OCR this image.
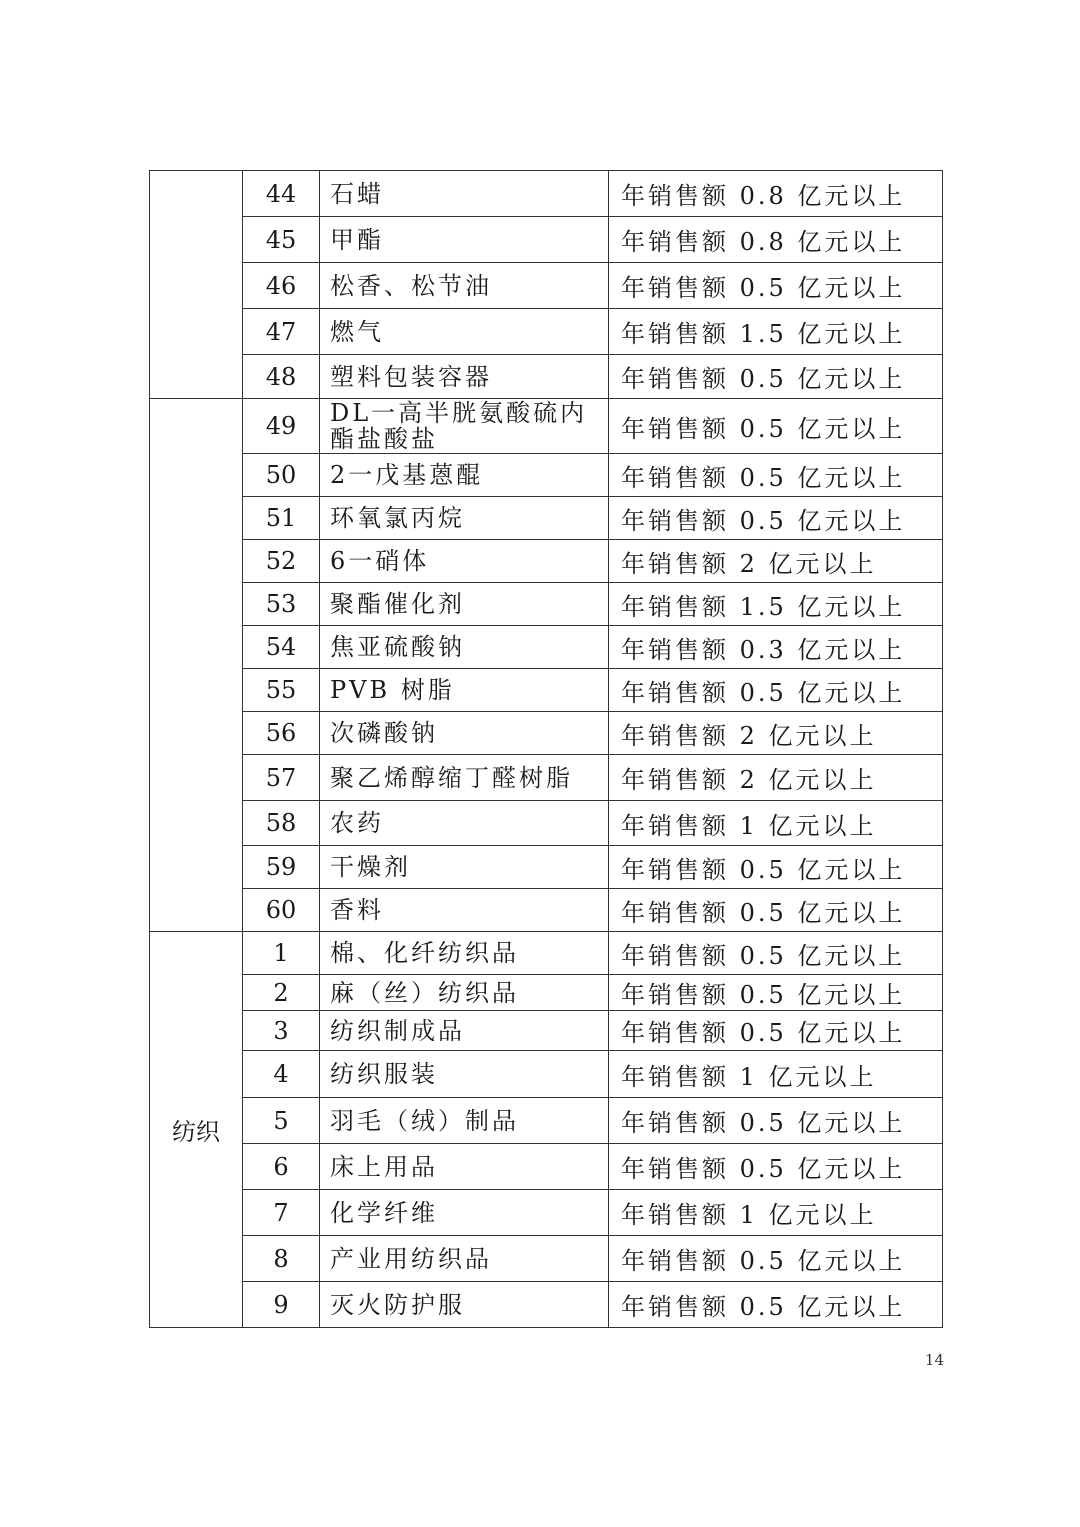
	44	石蜡	年销售额 0.8 亿元以上
	45	甲酯	年销售额 0.8 亿元以上
	46	松香、松节油	年销售额 0.5 亿元以上
	47	燃气	年销售额 1.5 亿元以上
	48	塑料包装容器	年销售额 0.5 亿元以上
	49	DL一高半胱氨酸硫内酯盐酸盐	年销售额 0.5 亿元以上
	50	2一戊基蒽醌	年销售额 0.5 亿元以上
	51	环氧氯丙烷	年销售额 0.5 亿元以上
	52	6一硝体	年销售额 2 亿元以上
	53	聚酯催化剂	年销售额 1.5 亿元以上
	54	焦亚硫酸钠	年销售额 0.3 亿元以上
	55	PVB 树脂	年销售额 0.5 亿元以上
	56	次磷酸钠	年销售额 2 亿元以上
	57	聚乙烯醇缩丁醛树脂	年销售额 2 亿元以上
	58	农药	年销售额 1 亿元以上
	59	干燥剂	年销售额 0.5 亿元以上
	60	香料	年销售额 0.5 亿元以上
纺织	1	棉、化纤纺织品	年销售额 0.5 亿元以上
	2	麻（丝）纺织品	年销售额 0.5 亿元以上
	3	纺织制成品	年销售额 0.5 亿元以上
	4	纺织服装	年销售额 1 亿元以上
	5	羽毛（绒）制品	年销售额 0.5 亿元以上
	6	床上用品	年销售额 0.5 亿元以上
	7	化学纤维	年销售额 1 亿元以上
	8	产业用纺织品	年销售额 0.5 亿元以上
	9	灭火防护服	年销售额 0.5 亿元以上
14
